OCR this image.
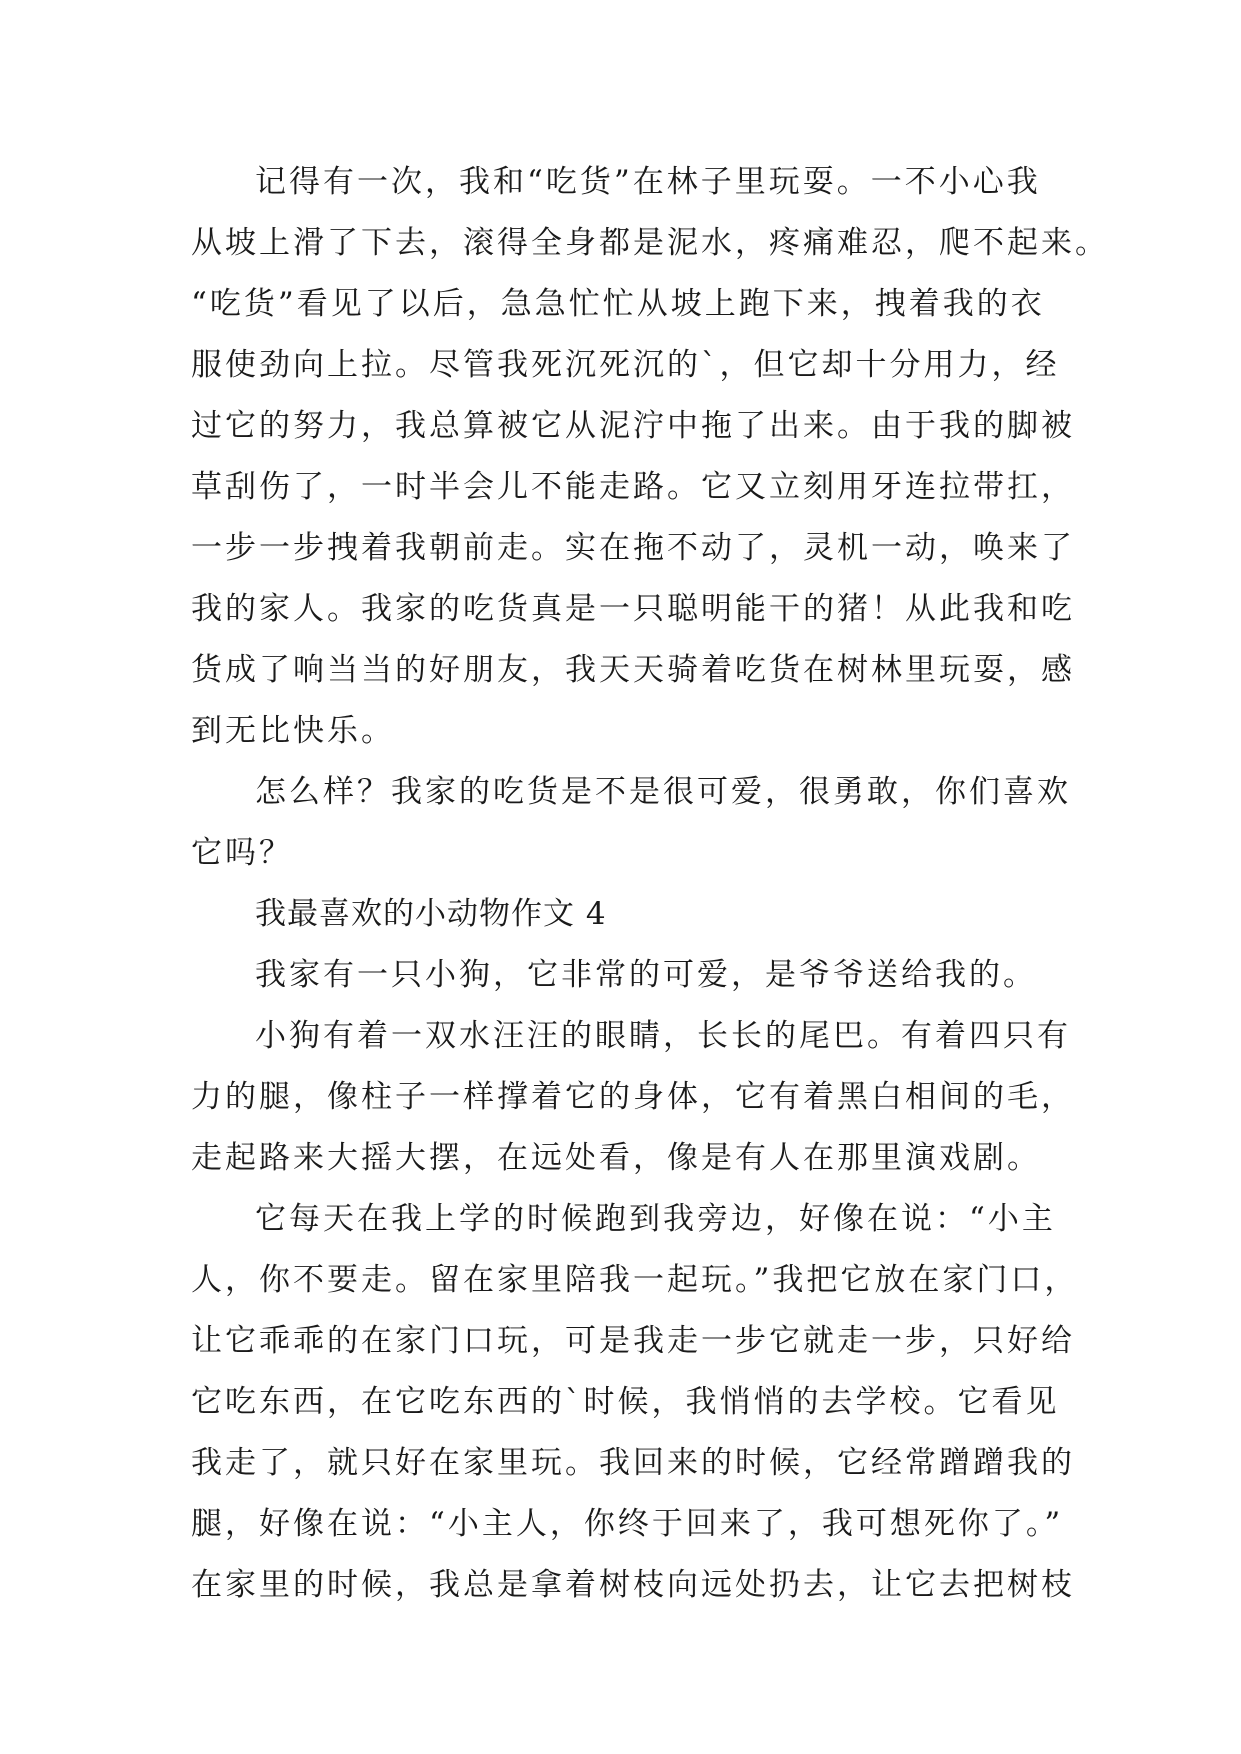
记得有一次，我和“吃货”在林子里玩耍。一不小心我
从坡上滑了下去，滚得全身都是泥水，疼痛难忍，爬不起来。
“吃货”看见了以后，急急忙忙从坡上跑下来，拽着我的衣
服使劲向上拉。尽管我死沉死沉的`，但它却十分用力，经
过它的努力，我总算被它从泥泞中拖了出来。由于我的脚被
草刮伤了，一时半会儿不能走路。它又立刻用牙连拉带扛，
一步一步拽着我朝前走。实在拖不动了，灵机一动，唤来了
我的家人。我家的吃货真是一只聪明能干的猪！从此我和吃
货成了响当当的好朋友，我天天骑着吃货在树林里玩耍，感
到无比快乐。
怎么样？我家的吃货是不是很可爱，很勇敢，你们喜欢
它吗？
我最喜欢的小动物作文 4
我家有一只小狗，它非常的可爱，是爷爷送给我的。
小狗有着一双水汪汪的眼睛，长长的尾巴。有着四只有
力的腿，像柱子一样撑着它的身体，它有着黑白相间的毛，
走起路来大摇大摆，在远处看，像是有人在那里演戏剧。
它每天在我上学的时候跑到我旁边，好像在说：“小主
人，你不要走。留在家里陪我一起玩。”我把它放在家门口，
让它乖乖的在家门口玩，可是我走一步它就走一步，只好给
它吃东西，在它吃东西的`时候，我悄悄的去学校。它看见
我走了，就只好在家里玩。我回来的时候，它经常蹭蹭我的
腿，好像在说：“小主人，你终于回来了，我可想死你了。”
在家里的时候，我总是拿着树枝向远处扔去，让它去把树枝
